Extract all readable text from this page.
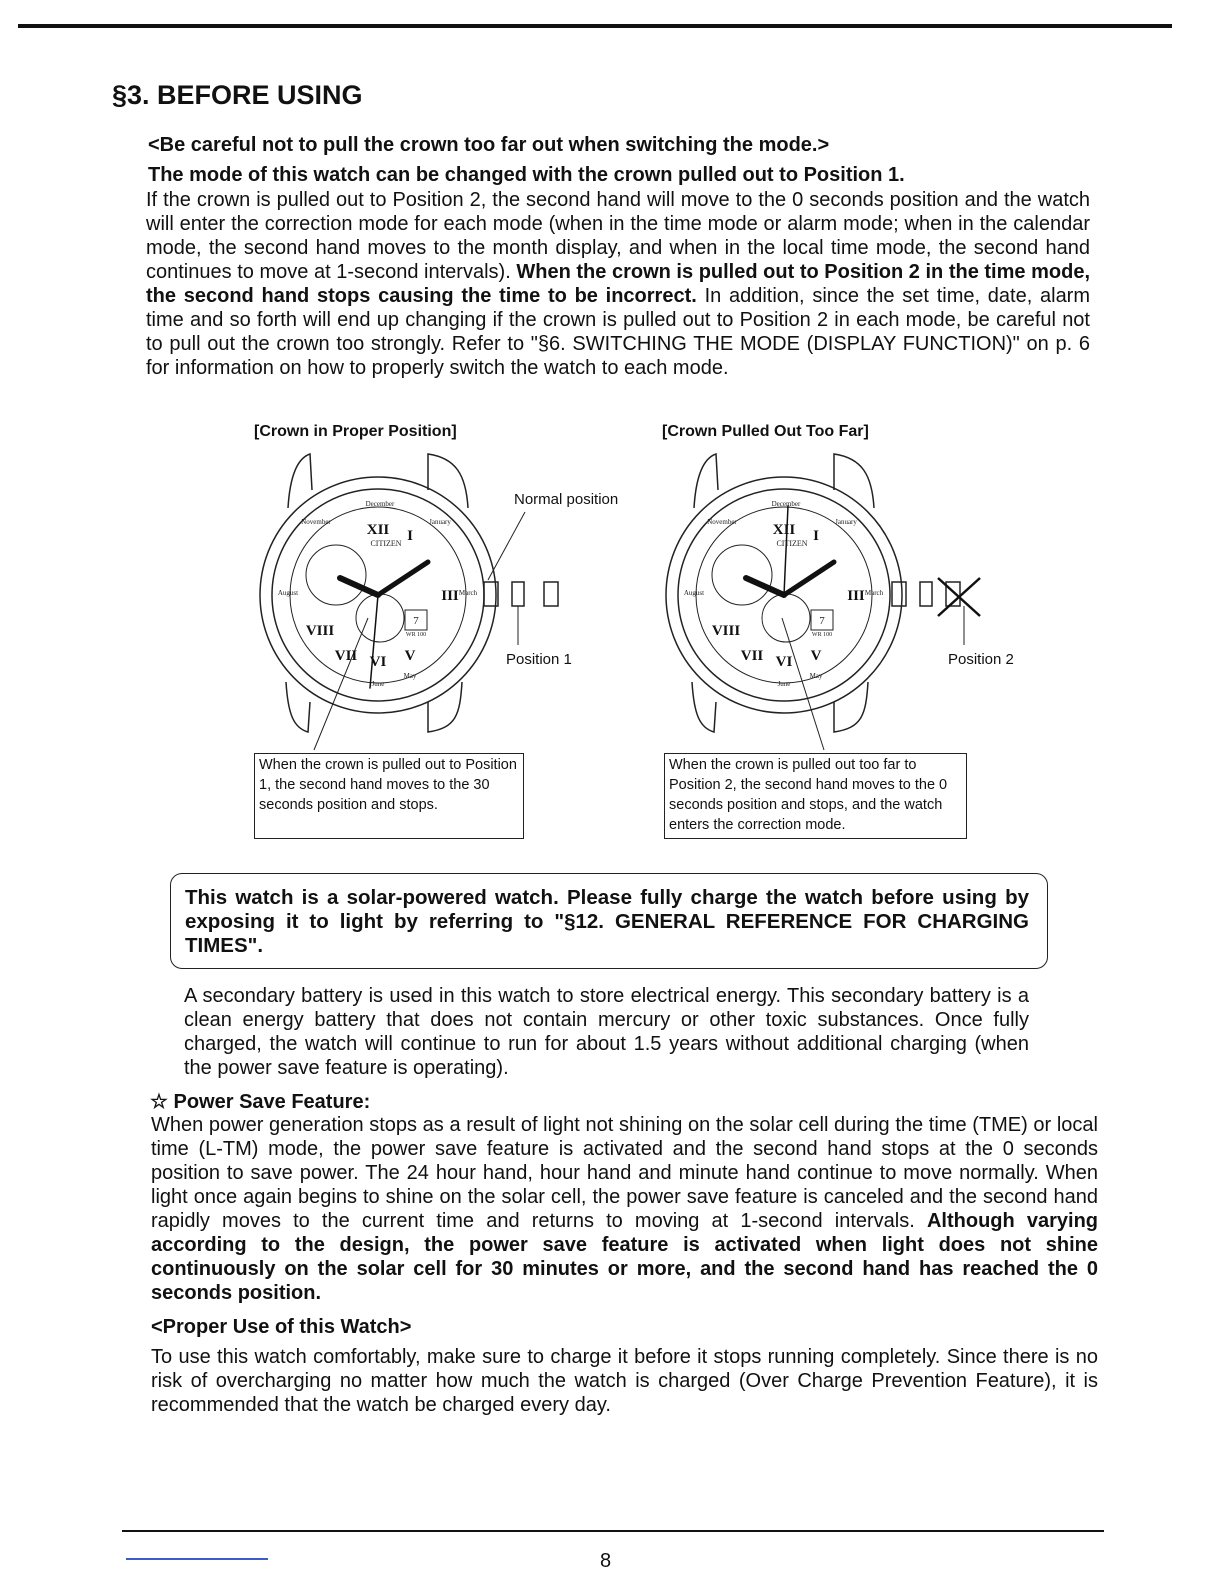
§3. BEFORE USING

<Be careful not to pull the crown too far out when switching the mode.>

The mode of this watch can be changed with the crown pulled out to Position 1.

If the crown is pulled out to Position 2, the second hand will move to the 0 seconds position and the watch will enter the correction mode for each mode (when in the time mode or alarm mode; when in the calendar mode, the second hand moves to the month display, and when in the local time mode, the second hand continues to move at 1-second intervals). When the crown is pulled out to Position 2 in the time mode, the second hand stops causing the time to be incorrect. In addition, since the set time, date, alarm time and so forth will end up changing if the crown is pulled out to Position 2 in each mode, be careful not to pull out the crown too strongly. Refer to "§6. SWITCHING THE MODE (DISPLAY FUNCTION)" on p. 6 for information on how to properly switch the watch to each mode.

[Crown in Proper Position]	[Crown Pulled Out Too Far]
XII I
III
V
VI
VII
VIII
December
January
March
May
June
August
November
CITIZEN
WR 100
7
Normal position
Position 1
XII I
III
V
VI
VII
VIII
December
January
March
May
June
August
November
CITIZEN
WR 100
7
Position 2
When the crown is pulled out to Position 1, the second hand moves to the 30 seconds position and stops.
When the crown is pulled out too far to Position 2, the second hand moves to the 0 seconds position and stops, and the watch enters the correction mode.
This watch is a solar-powered watch. Please fully charge the watch before using by exposing it to light by referring to "§12. GENERAL REFERENCE FOR CHARGING TIMES".

A secondary battery is used in this watch to store electrical energy. This secondary battery is a clean energy battery that does not contain mercury or other toxic substances. Once fully charged, the watch will continue to run for about 1.5 years without additional charging (when the power save feature is operating).

☆ Power Save Feature:

When power generation stops as a result of light not shining on the solar cell during the time (TME) or local time (L-TM) mode, the power save feature is activated and the second hand stops at the 0 seconds position to save power. The 24 hour hand, hour hand and minute hand continue to move normally. When light once again begins to shine on the solar cell, the power save feature is canceled and the second hand rapidly moves to the current time and returns to moving at 1-second intervals. Although varying according to the design, the power save feature is activated when light does not shine continuously on the solar cell for 30 minutes or more, and the second hand has reached the 0 seconds position.

<Proper Use of this Watch>

To use this watch comfortably, make sure to charge it before it stops running completely. Since there is no risk of overcharging no matter how much the watch is charged (Over Charge Prevention Feature), it is recommended that the watch be charged every day.

8
